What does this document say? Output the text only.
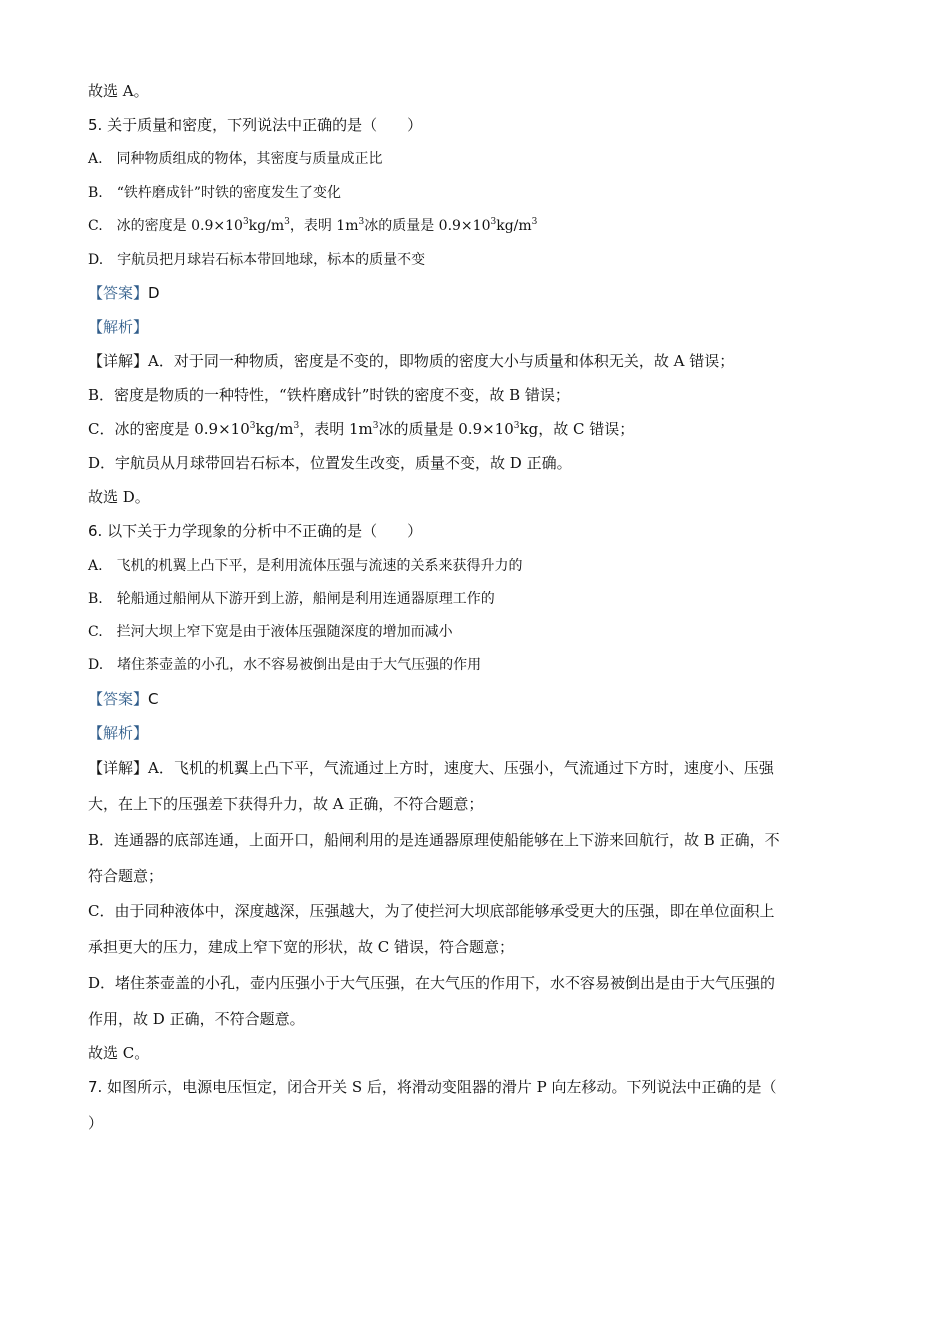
故选 A。
5. 关于质量和密度，下列说法中正确的是（　　）
A.　同种物质组成的物体，其密度与质量成正比
B.　“铁杵磨成针”时铁的密度发生了变化
C.　冰的密度是 $0.9\times 10^3kg/m^3$，表明 $1m^3$冰的质量是 $0.9\times 10^3kg/m^3$
D.　宇航员把月球岩石标本带回地球，标本的质量不变
【答案】D
【解析】
【详解】A．对于同一种物质，密度是不变的，即物质的密度大小与质量和体积无关，故 A 错误；
B．密度是物质的一种特性，“铁杵磨成针”时铁的密度不变，故 B 错误；
C．冰的密度是 $0.9\times 10^3kg/m^3$，表明 $1m^3$冰的质量是 $0.9\times 10^3kg$，故 C 错误；
D．宇航员从月球带回岩石标本，位置发生改变，质量不变，故 D 正确。
故选 D。
6. 以下关于力学现象的分析中不正确的是（　　）
A.　飞机的机翼上凸下平，是利用流体压强与流速的关系来获得升力的
B.　轮船通过船闸从下游开到上游，船闸是利用连通器原理工作的
C.　拦河大坝上窄下宽是由于液体压强随深度的增加而减小
D.　堵住茶壶盖的小孔，水不容易被倒出是由于大气压强的作用
【答案】C
【解析】
【详解】A．飞机的机翼上凸下平，气流通过上方时，速度大、压强小，气流通过下方时，速度小、压强
大，在上下的压强差下获得升力，故 A 正确，不符合题意；
B．连通器的底部连通，上面开口，船闸利用的是连通器原理使船能够在上下游来回航行，故 B 正确，不
符合题意；
C．由于同种液体中，深度越深，压强越大，为了使拦河大坝底部能够承受更大的压强，即在单位面积上
承担更大的压力，建成上窄下宽的形状，故 C 错误，符合题意；
D．堵住茶壶盖的小孔，壶内压强小于大气压强，在大气压的作用下，水不容易被倒出是由于大气压强的
作用，故 D 正确，不符合题意。
故选 C。
7. 如图所示，电源电压恒定，闭合开关 S 后，将滑动变阻器的滑片 P 向左移动。下列说法中正确的是（
）
